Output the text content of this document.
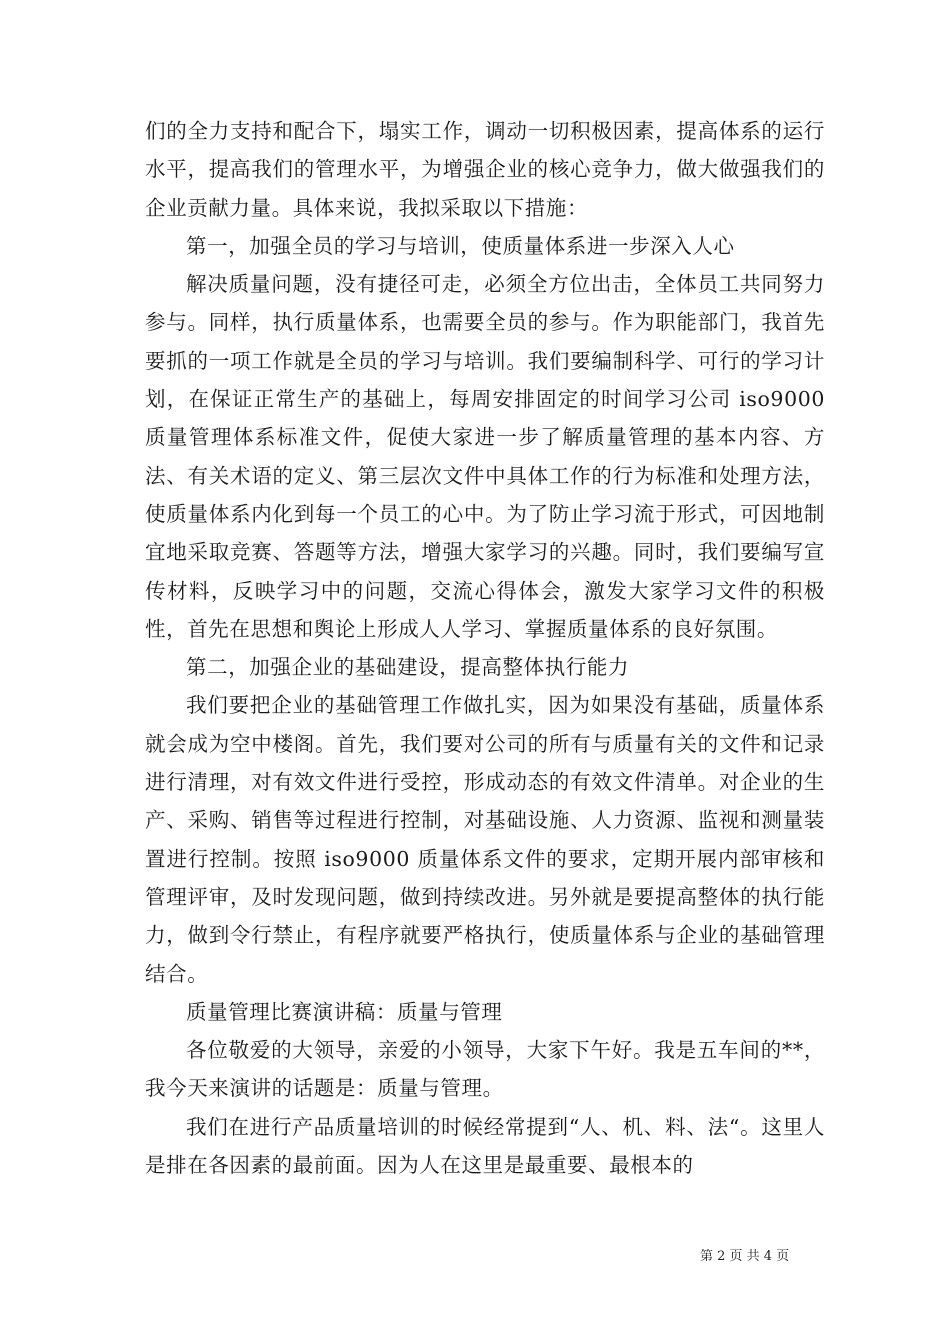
们的全力支持和配合下，塌实工作，调动一切积极因素，提高体系的运行水平，提高我们的管理水平，为增强企业的核心竞争力，做大做强我们的企业贡献力量。具体来说，我拟采取以下措施：

第一，加强全员的学习与培训，使质量体系进一步深入人心

解决质量问题，没有捷径可走，必须全方位出击，全体员工共同努力参与。同样，执行质量体系，也需要全员的参与。作为职能部门，我首先要抓的一项工作就是全员的学习与培训。我们要编制科学、可行的学习计划，在保证正常生产的基础上，每周安排固定的时间学习公司 iso9000 质量管理体系标准文件，促使大家进一步了解质量管理的基本内容、方法、有关术语的定义、第三层次文件中具体工作的行为标准和处理方法，使质量体系内化到每一个员工的心中。为了防止学习流于形式，可因地制宜地采取竞赛、答题等方法，增强大家学习的兴趣。同时，我们要编写宣传材料，反映学习中的问题，交流心得体会，激发大家学习文件的积极性，首先在思想和舆论上形成人人学习、掌握质量体系的良好氛围。

第二，加强企业的基础建设，提高整体执行能力

我们要把企业的基础管理工作做扎实，因为如果没有基础，质量体系就会成为空中楼阁。首先，我们要对公司的所有与质量有关的文件和记录进行清理，对有效文件进行受控，形成动态的有效文件清单。对企业的生产、采购、销售等过程进行控制，对基础设施、人力资源、监视和测量装置进行控制。按照 iso9000 质量体系文件的要求，定期开展内部审核和管理评审，及时发现问题，做到持续改进。另外就是要提高整体的执行能力，做到令行禁止，有程序就要严格执行，使质量体系与企业的基础管理结合。

质量管理比赛演讲稿：质量与管理

各位敬爱的大领导，亲爱的小领导，大家下午好。我是五车间的**，我今天来演讲的话题是：质量与管理。

我们在进行产品质量培训的时候经常提到“人、机、料、法“。这里人是排在各因素的最前面。因为人在这里是最重要、最根本的

第 2 页 共 4 页
